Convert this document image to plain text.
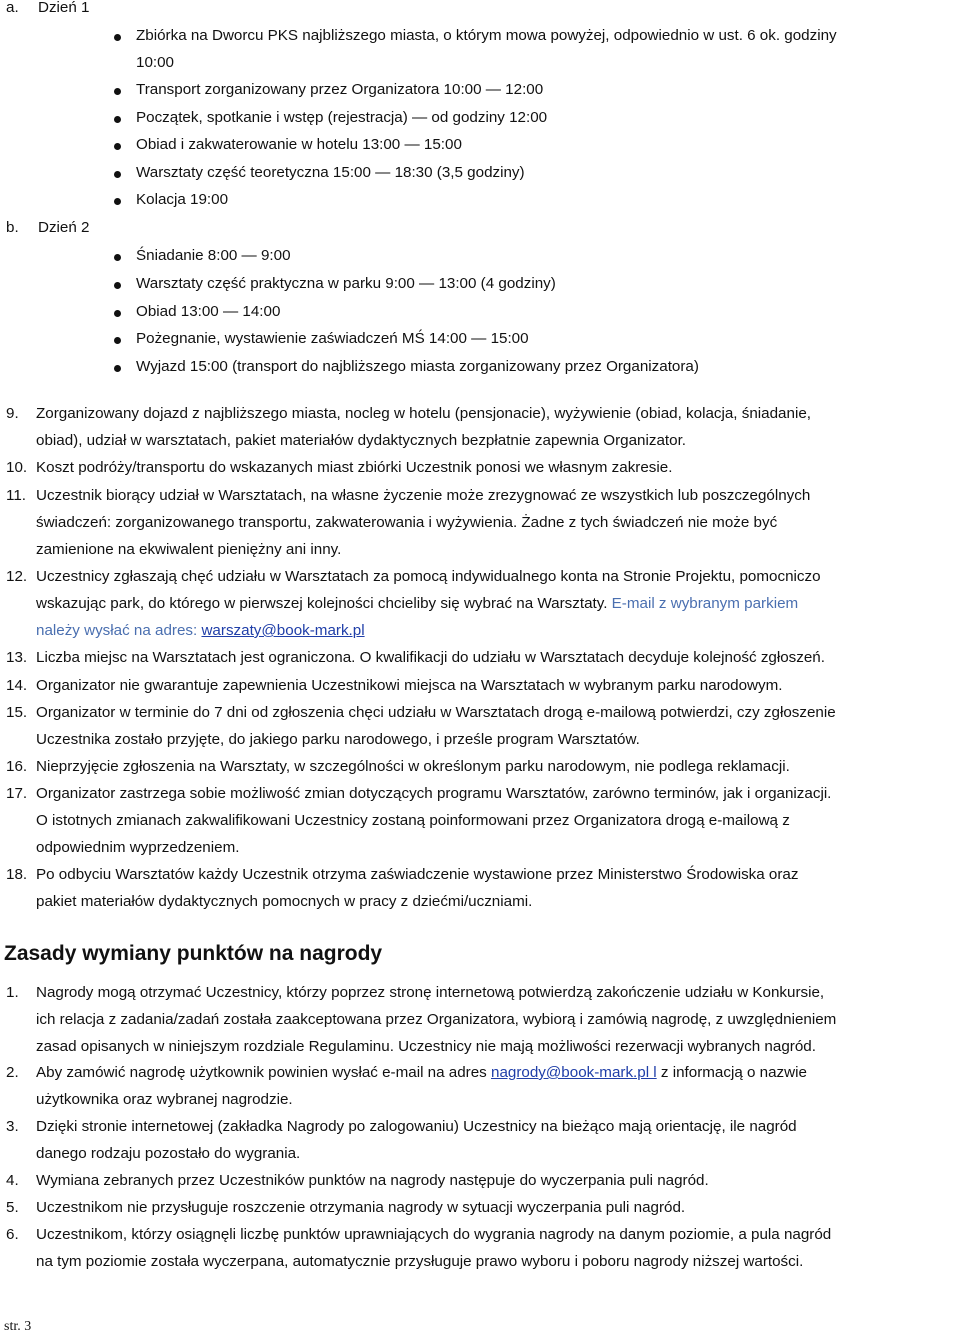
a. Dzień 1
Zbiórka na Dworcu PKS najbliższego miasta, o którym mowa powyżej, odpowiednio w ust. 6 ok. godziny
10:00
Transport zorganizowany przez Organizatora 10:00 — 12:00
Początek, spotkanie i wstęp (rejestracja) — od godziny 12:00
Obiad i zakwaterowanie w hotelu 13:00 — 15:00
Warsztaty część teoretyczna 15:00 — 18:30 (3,5 godziny)
Kolacja 19:00
b. Dzień 2
Śniadanie 8:00 — 9:00
Warsztaty część praktyczna w parku 9:00 — 13:00 (4 godziny)
Obiad 13:00 — 14:00
Pożegnanie, wystawienie zaświadczeń MŚ 14:00 — 15:00
Wyjazd 15:00 (transport do najbliższego miasta zorganizowany przez Organizatora)
9. Zorganizowany dojazd z najbliższego miasta, nocleg w hotelu (pensjonacie), wyżywienie (obiad, kolacja, śniadanie,
obiad), udział w warsztatach, pakiet materiałów dydaktycznych bezpłatnie zapewnia Organizator.
10. Koszt podróży/transportu do wskazanych miast zbiórki Uczestnik ponosi we własnym zakresie.
11. Uczestnik biorący udział w Warsztatach, na własne życzenie może zrezygnować ze wszystkich lub poszczególnych
świadczeń: zorganizowanego transportu, zakwaterowania i wyżywienia. Żadne z tych świadczeń nie może być
zamienione na ekwiwalent pieniężny ani inny.
12. Uczestnicy zgłaszają chęć udziału w Warsztatach za pomocą indywidualnego konta na Stronie Projektu, pomocniczo
wskazując park, do którego w pierwszej kolejności chcieliby się wybrać na Warsztaty. E-mail z wybranym parkiem
należy wysłać na adres: warszaty@book-mark.pl
13. Liczba miejsc na Warsztatach jest ograniczona. O kwalifikacji do udziału w Warsztatach decyduje kolejność zgłoszeń.
14. Organizator nie gwarantuje zapewnienia Uczestnikowi miejsca na Warsztatach w wybranym parku narodowym.
15. Organizator w terminie do 7 dni od zgłoszenia chęci udziału w Warsztatach drogą e-mailową potwierdzi, czy zgłoszenie
Uczestnika zostało przyjęte, do jakiego parku narodowego, i prześle program Warsztatów.
16. Nieprzyjęcie zgłoszenia na Warsztaty, w szczególności w określonym parku narodowym, nie podlega reklamacji.
17. Organizator zastrzega sobie możliwość zmian dotyczących programu Warsztatów, zarówno terminów, jak i organizacji.
O istotnych zmianach zakwalifikowani Uczestnicy zostaną poinformowani przez Organizatora drogą e-mailową z
odpowiednim wyprzedzeniem.
18. Po odbyciu Warsztatów każdy Uczestnik otrzyma zaświadczenie wystawione przez Ministerstwo Środowiska oraz
pakiet materiałów dydaktycznych pomocnych w pracy z dziećmi/uczniami.
Zasady wymiany punktów na nagrody
1. Nagrody mogą otrzymać Uczestnicy, którzy poprzez stronę internetową potwierdzą zakończenie udziału w Konkursie,
ich relacja z zadania/zadań została zaakceptowana przez Organizatora, wybiorą i zamówią nagrodę, z uwzględnieniem
zasad opisanych w niniejszym rozdziale Regulaminu. Uczestnicy nie mają możliwości rezerwacji wybranych nagród.
2. Aby zamówić nagrodę użytkownik powinien wysłać e-mail na adres nagrody@book-mark.pl l z informacją o nazwie
użytkownika oraz wybranej nagrodzie.
3. Dzięki stronie internetowej (zakładka Nagrody po zalogowaniu) Uczestnicy na bieżąco mają orientację, ile nagród
danego rodzaju pozostało do wygrania.
4. Wymiana zebranych przez Uczestników punktów na nagrody następuje do wyczerpania puli nagród.
5. Uczestnikom nie przysługuje roszczenie otrzymania nagrody w sytuacji wyczerpania puli nagród.
6. Uczestnikom, którzy osiągnęli liczbę punktów uprawniających do wygrania nagrody na danym poziomie, a pula nagród
na tym poziomie została wyczerpana, automatycznie przysługuje prawo wyboru i poboru nagrody niższej wartości.
str. 3
